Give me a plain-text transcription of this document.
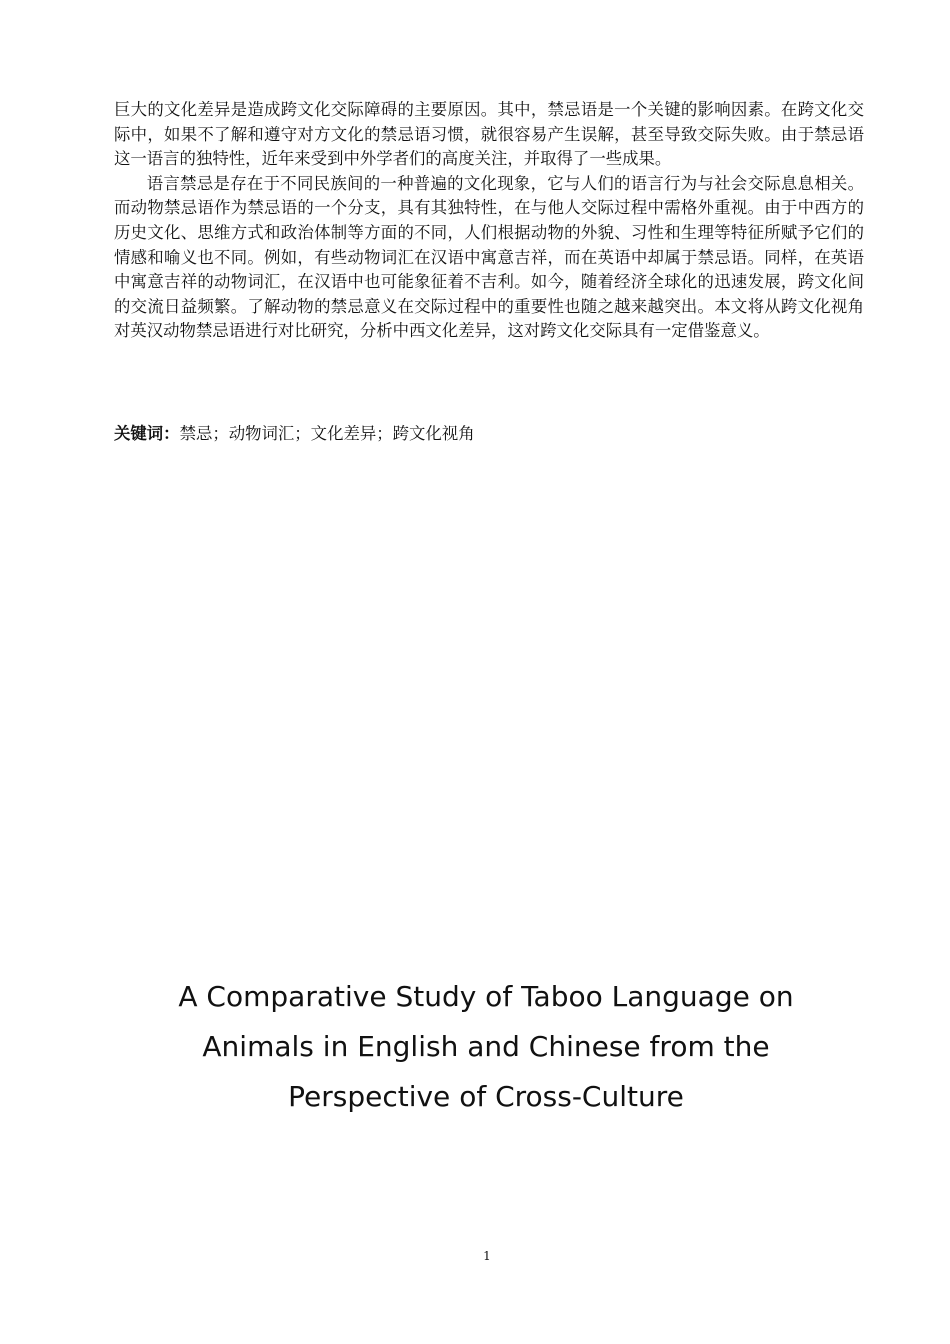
巨大的文化差异是造成跨文化交际障碍的主要原因。其中，禁忌语是一个关键的影响因素。在跨文化交际中，如果不了解和遵守对方文化的禁忌语习惯，就很容易产生误解，甚至导致交际失败。由于禁忌语这一语言的独特性，近年来受到中外学者们的高度关注，并取得了一些成果。

语言禁忌是存在于不同民族间的一种普遍的文化现象，它与人们的语言行为与社会交际息息相关。而动物禁忌语作为禁忌语的一个分支，具有其独特性，在与他人交际过程中需格外重视。由于中西方的历史文化、思维方式和政治体制等方面的不同，人们根据动物的外貌、习性和生理等特征所赋予它们的情感和喻义也不同。例如，有些动物词汇在汉语中寓意吉祥，而在英语中却属于禁忌语。同样，在英语中寓意吉祥的动物词汇，在汉语中也可能象征着不吉利。如今，随着经济全球化的迅速发展，跨文化间的交流日益频繁。了解动物的禁忌意义在交际过程中的重要性也随之越来越突出。本文将从跨文化视角对英汉动物禁忌语进行对比研究，分析中西文化差异，这对跨文化交际具有一定借鉴意义。

关键词：禁忌；动物词汇；文化差异；跨文化视角
A Comparative Study of Taboo Language on
Animals in English and Chinese from the
Perspective of Cross-Culture
1
